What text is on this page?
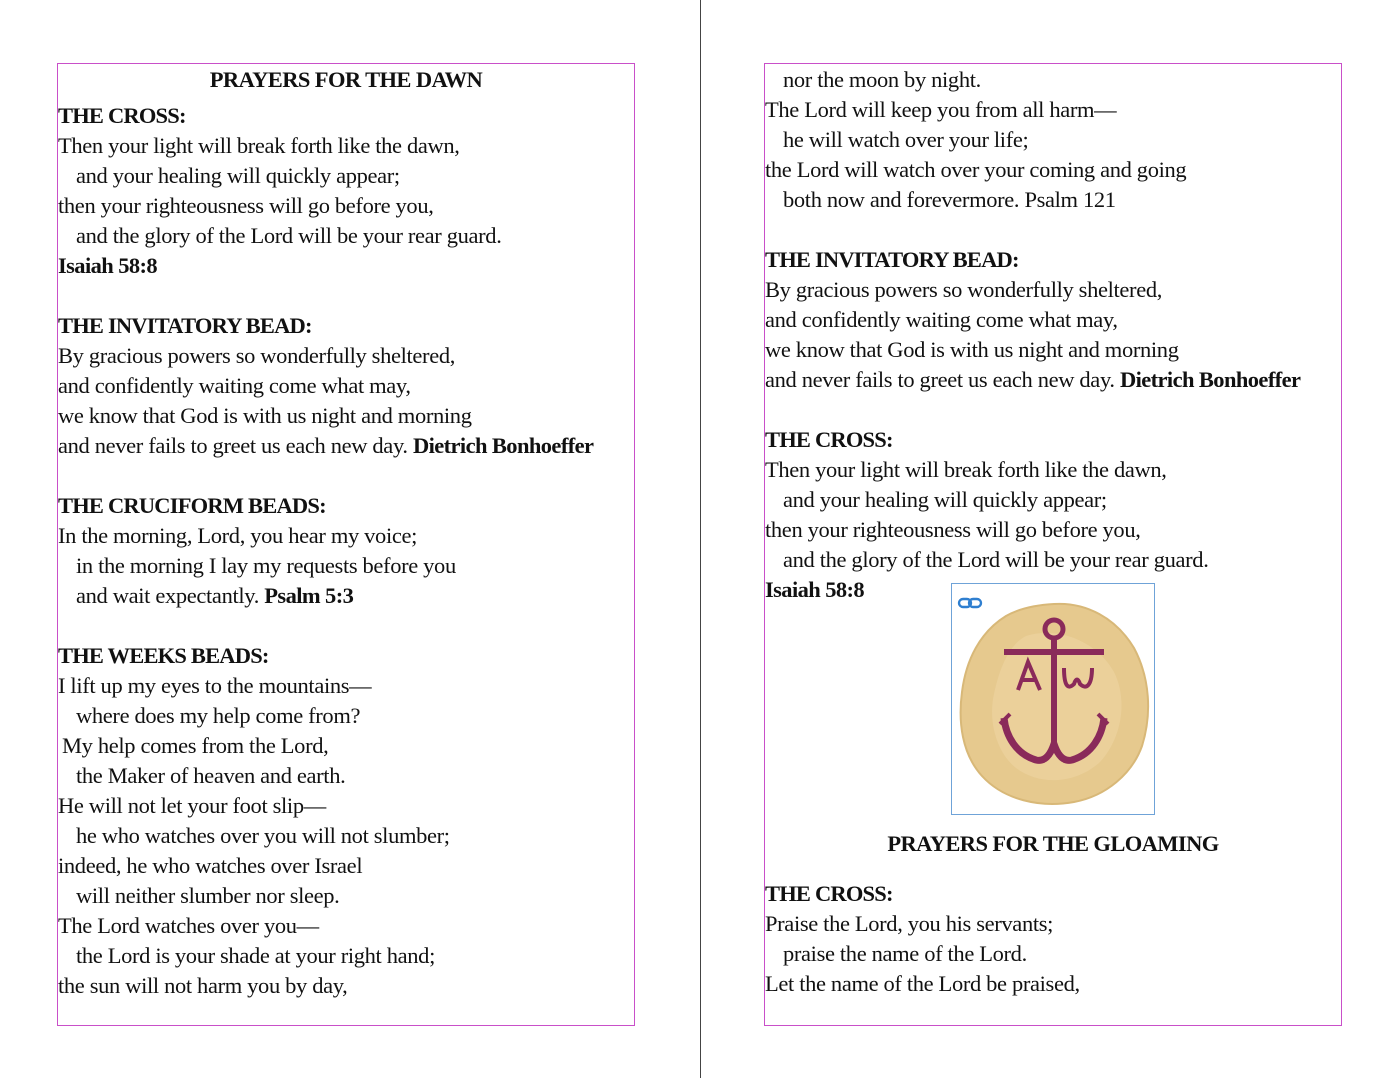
PRAYERS FOR THE DAWN
THE CROSS:
Then your light will break forth like the dawn,
and your healing will quickly appear;
then your righteousness will go before you,
and the glory of the Lord will be your rear guard.
Isaiah 58:8
THE INVITATORY BEAD:
By gracious powers so wonderfully sheltered,
and confidently waiting come what may,
we know that God is with us night and morning
and never fails to greet us each new day. Dietrich Bonhoeffer
THE CRUCIFORM BEADS:
In the morning, Lord, you hear my voice;
in the morning I lay my requests before you
and wait expectantly. Psalm 5:3
THE WEEKS BEADS:
I lift up my eyes to the mountains—
where does my help come from?
My help comes from the Lord,
the Maker of heaven and earth.
He will not let your foot slip—
he who watches over you will not slumber;
indeed, he who watches over Israel
will neither slumber nor sleep.
The Lord watches over you—
the Lord is your shade at your right hand;
the sun will not harm you by day,
nor the moon by night.
The Lord will keep you from all harm—
he will watch over your life;
the Lord will watch over your coming and going
both now and forevermore. Psalm 121
THE INVITATORY BEAD:
By gracious powers so wonderfully sheltered,
and confidently waiting come what may,
we know that God is with us night and morning
and never fails to greet us each new day. Dietrich Bonhoeffer
THE CROSS:
Then your light will break forth like the dawn,
and your healing will quickly appear;
then your righteousness will go before you,
and the glory of the Lord will be your rear guard.
Isaiah 58:8
PRAYERS FOR THE GLOAMING
THE CROSS:
Praise the Lord, you his servants;
praise the name of the Lord.
Let the name of the Lord be praised,
